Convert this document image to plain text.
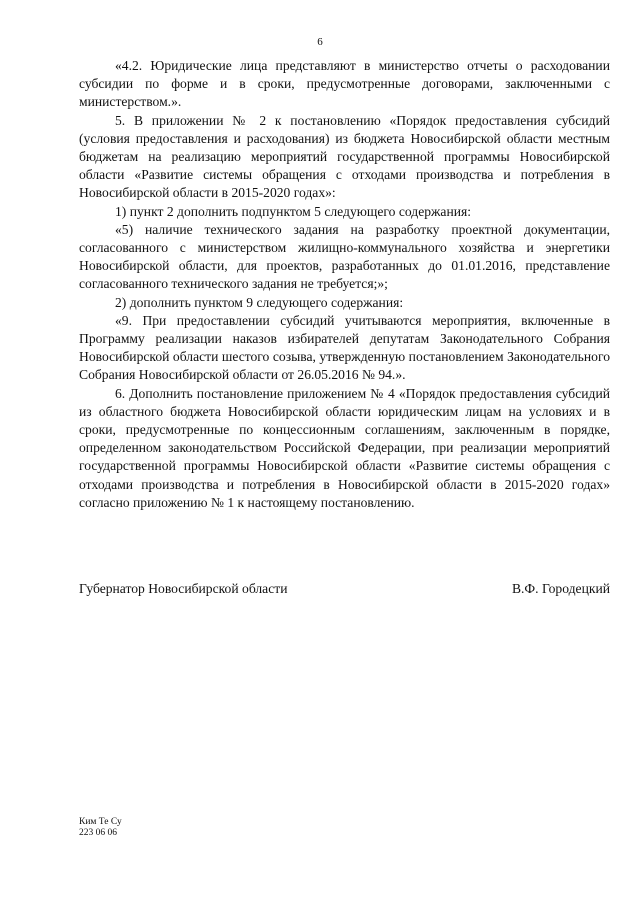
6

«4.2. Юридические лица представляют в министерство отчеты о расходовании субсидии по форме и в сроки, предусмотренные договорами, заключенными с министерством.».

5. В приложении № 2 к постановлению «Порядок предоставления субсидий (условия предоставления и расходования) из бюджета Новосибирской области местным бюджетам на реализацию мероприятий государственной программы Новосибирской области «Развитие системы обращения с отходами производства и потребления в Новосибирской области в 2015-2020 годах»:

1) пункт 2 дополнить подпунктом 5 следующего содержания:

«5) наличие технического задания на разработку проектной документации, согласованного с министерством жилищно-коммунального хозяйства и энергетики Новосибирской области, для проектов, разработанных до 01.01.2016, представление согласованного технического задания не требуется;»;

2) дополнить пунктом 9 следующего содержания:

«9. При предоставлении субсидий учитываются мероприятия, включенные в Программу реализации наказов избирателей депутатам Законодательного Собрания Новосибирской области шестого созыва, утвержденную постановлением Законодательного Собрания Новосибирской области от 26.05.2016 № 94.».

6. Дополнить постановление приложением № 4 «Порядок предоставления субсидий из областного бюджета Новосибирской области юридическим лицам на условиях и в сроки, предусмотренные по концессионным соглашениям, заключенным в порядке, определенном законодательством Российской Федерации, при реализации мероприятий государственной программы Новосибирской области «Развитие системы обращения с отходами производства и потребления в Новосибирской области в 2015-2020 годах» согласно приложению № 1 к настоящему постановлению.

Губернатор Новосибирской области	В.Ф. Городецкий
Ким Те Су
223 06 06
